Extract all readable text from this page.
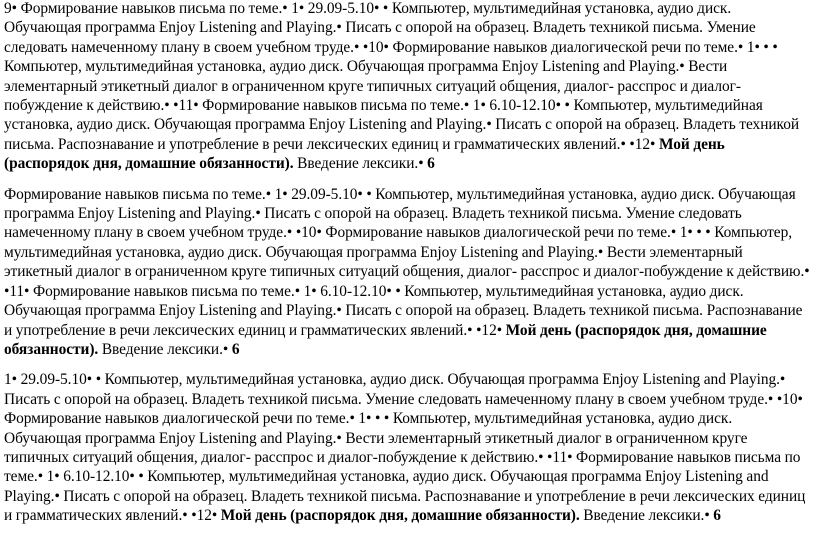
9• Формирование навыков письма по теме.• 1• 29.09-5.10• • Компьютер, мультимедийная установка, аудио диск. Обучающая программа Enjoy Listening and Playing.• Писать с опорой на образец. Владеть техникой письма. Умение следовать намеченному плану в своем учебном труде.• •10• Формирование навыков диалогической речи по теме.• 1• • • Компьютер, мультимедийная установка, аудио диск. Обучающая программа Enjoy Listening and Playing.• Вести элементарный этикетный диалог в ограниченном круге типичных ситуаций общения, диалог- расспрос и диалог-побуждение к действию.• •11• Формирование навыков письма по теме.• 1• 6.10-12.10• • Компьютер, мультимедийная установка, аудио диск. Обучающая программа Enjoy Listening and Playing.• Писать с опорой на образец. Владеть техникой письма. Распознавание и употребление в речи лексических единиц и грамматических явлений.• •12• Мой день (распорядок дня, домашние обязанности). Введение лексики.• 6

Формирование навыков письма по теме.• 1• 29.09-5.10• • Компьютер, мультимедийная установка, аудио диск. Обучающая программа Enjoy Listening and Playing.• Писать с опорой на образец. Владеть техникой письма. Умение следовать намеченному плану в своем учебном труде.• •10• Формирование навыков диалогической речи по теме.• 1• • • Компьютер, мультимедийная установка, аудио диск. Обучающая программа Enjoy Listening and Playing.• Вести элементарный этикетный диалог в ограниченном круге типичных ситуаций общения, диалог- расспрос и диалог-побуждение к действию.• •11• Формирование навыков письма по теме.• 1• 6.10-12.10• • Компьютер, мультимедийная установка, аудио диск. Обучающая программа Enjoy Listening and Playing.• Писать с опорой на образец. Владеть техникой письма. Распознавание и употребление в речи лексических единиц и грамматических явлений.• •12• Мой день (распорядок дня, домашние обязанности). Введение лексики.• 6

1• 29.09-5.10• • Компьютер, мультимедийная установка, аудио диск. Обучающая программа Enjoy Listening and Playing.• Писать с опорой на образец. Владеть техникой письма. Умение следовать намеченному плану в своем учебном труде.• •10• Формирование навыков диалогической речи по теме.• 1• • • Компьютер, мультимедийная установка, аудио диск. Обучающая программа Enjoy Listening and Playing.• Вести элементарный этикетный диалог в ограниченном круге типичных ситуаций общения, диалог- расспрос и диалог-побуждение к действию.• •11• Формирование навыков письма по теме.• 1• 6.10-12.10• • Компьютер, мультимедийная установка, аудио диск. Обучающая программа Enjoy Listening and Playing.• Писать с опорой на образец. Владеть техникой письма. Распознавание и употребление в речи лексических единиц и грамматических явлений.• •12• Мой день (распорядок дня, домашние обязанности). Введение лексики.• 6
